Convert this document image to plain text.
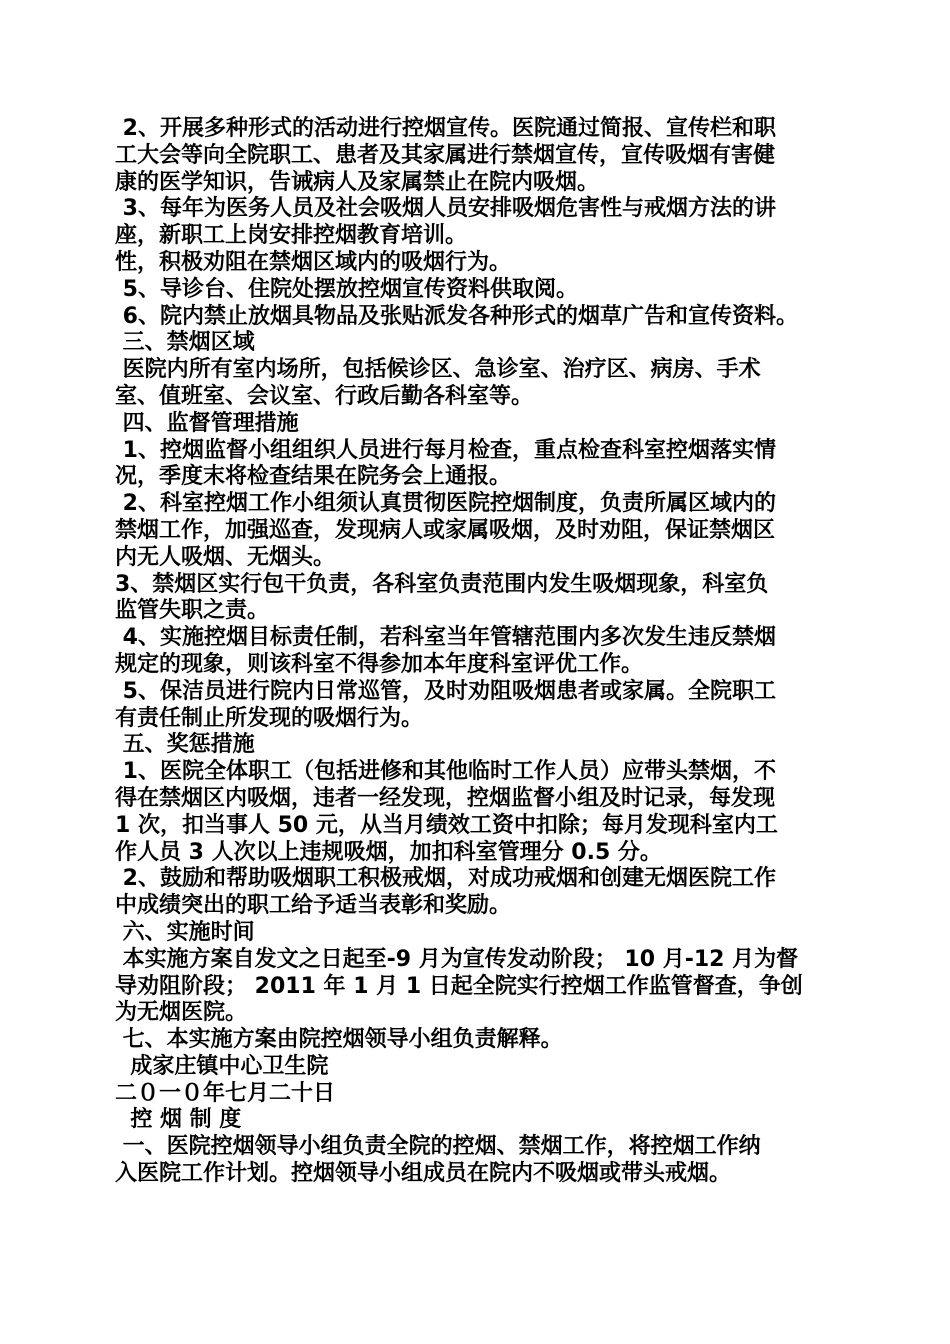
2、开展多种形式的活动进行控烟宣传。医院通过简报、宣传栏和职
工大会等向全院职工、患者及其家属进行禁烟宣传，宣传吸烟有害健
康的医学知识，告诫病人及家属禁止在院内吸烟。
3、每年为医务人员及社会吸烟人员安排吸烟危害性与戒烟方法的讲
座，新职工上岗安排控烟教育培训。
性，积极劝阻在禁烟区域内的吸烟行为。
5、导诊台、住院处摆放控烟宣传资料供取阅。
6、院内禁止放烟具物品及张贴派发各种形式的烟草广告和宣传资料。
三、禁烟区域
医院内所有室内场所，包括候诊区、急诊室、治疗区、病房、手术
室、值班室、会议室、行政后勤各科室等。
四、监督管理措施
1、控烟监督小组组织人员进行每月检查，重点检查科室控烟落实情
况，季度末将检查结果在院务会上通报。
2、科室控烟工作小组须认真贯彻医院控烟制度，负责所属区域内的
禁烟工作，加强巡查，发现病人或家属吸烟，及时劝阻，保证禁烟区
内无人吸烟、无烟头。
3、禁烟区实行包干负责，各科室负责范围内发生吸烟现象，科室负
监管失职之责。
4、实施控烟目标责任制，若科室当年管辖范围内多次发生违反禁烟
规定的现象，则该科室不得参加本年度科室评优工作。
5、保洁员进行院内日常巡管，及时劝阻吸烟患者或家属。全院职工
有责任制止所发现的吸烟行为。
五、奖惩措施
1、医院全体职工（包括进修和其他临时工作人员）应带头禁烟，不
得在禁烟区内吸烟，违者一经发现，控烟监督小组及时记录，每发现
1 次，扣当事人 50 元，从当月绩效工资中扣除；每月发现科室内工
作人员 3 人次以上违规吸烟，加扣科室管理分 0.5 分。
2、鼓励和帮助吸烟职工积极戒烟，对成功戒烟和创建无烟医院工作
中成绩突出的职工给予适当表彰和奖励。
六、实施时间
本实施方案自发文之日起至-9 月为宣传发动阶段； 10 月-12 月为督
导劝阻阶段； 2011 年 1 月 1 日起全院实行控烟工作监管督查，争创
为无烟医院。
七、本实施方案由院控烟领导小组负责解释。
成家庄镇中心卫生院
二０一０年七月二十日
控 烟 制 度
一、医院控烟领导小组负责全院的控烟、禁烟工作，将控烟工作纳
入医院工作计划。控烟领导小组成员在院内不吸烟或带头戒烟。
